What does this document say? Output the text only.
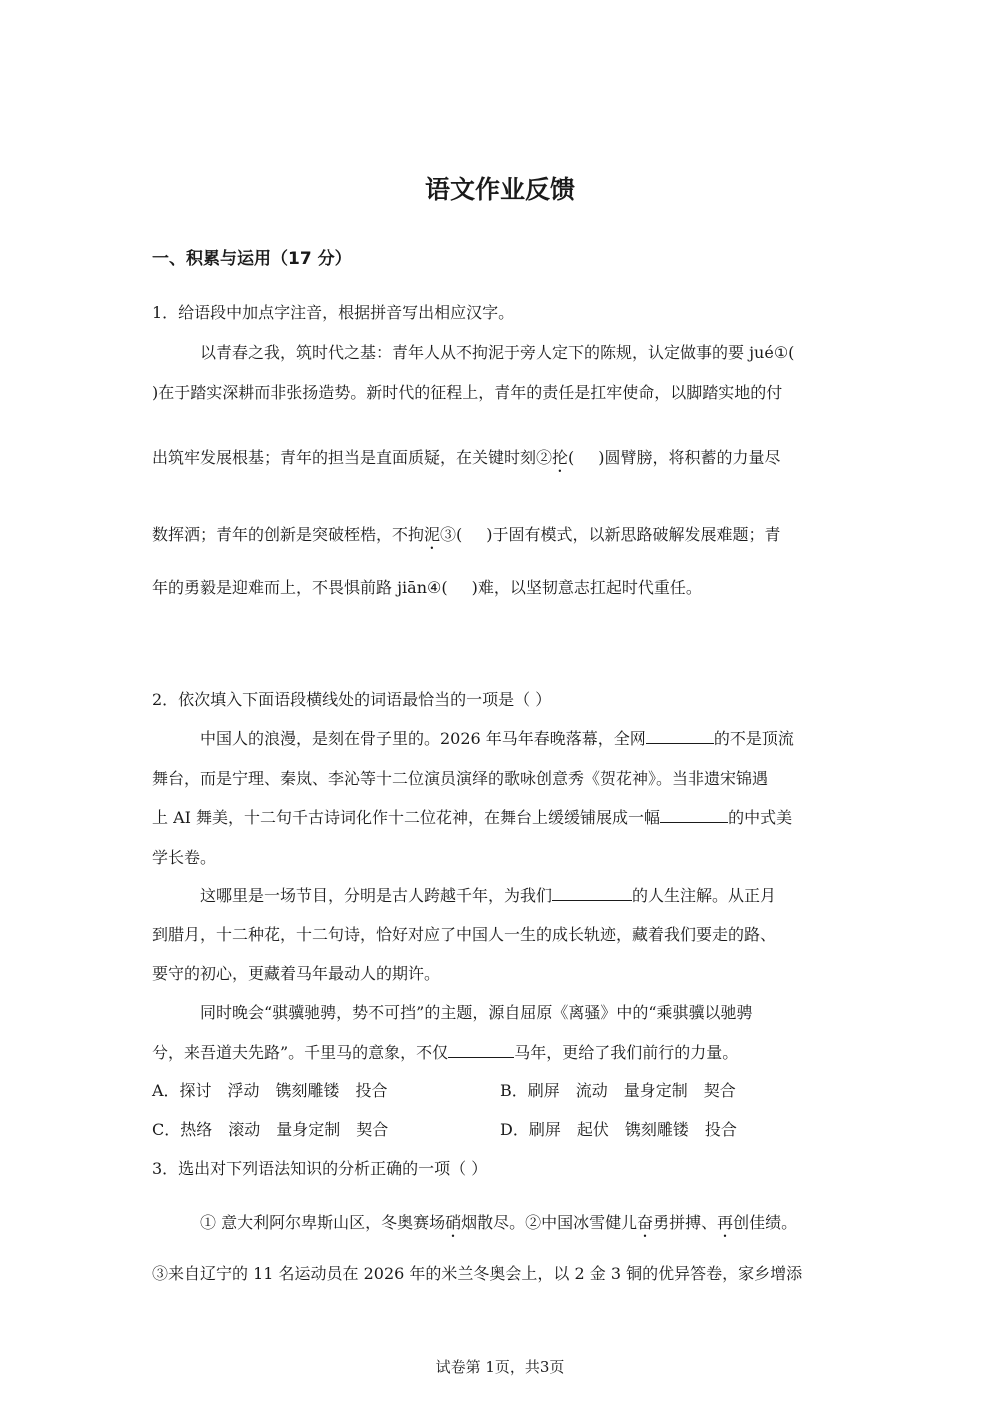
语文作业反馈
一、积累与运用（17 分）
1．给语段中加点字注音，根据拼音写出相应汉字。
以青春之我，筑时代之基：青年人从不拘泥于旁人定下的陈规，认定做事的要 jué①(
)在于踏实深耕而非张扬造势。新时代的征程上，青年的责任是扛牢使命，以脚踏实地的付
出筑牢发展根基；青年的担当是直面质疑，在关键时刻②抡( )圆臂膀，将积蓄的力量尽
数挥洒；青年的创新是突破桎梏，不拘泥③( )于固有模式，以新思路破解发展难题；青
年的勇毅是迎难而上，不畏惧前路 jiān④( )难，以坚韧意志扛起时代重任。
2．依次填入下面语段横线处的词语最恰当的一项是（ ）
中国人的浪漫，是刻在骨子里的。2026 年马年春晚落幕，全网	的不是顶流
舞台，而是宁理、秦岚、李沁等十二位演员演绎的歌咏创意秀《贺花神》。当非遗宋锦遇
上 AI 舞美，十二句千古诗词化作十二位花神，在舞台上缓缓铺展成一幅	的中式美
学长卷。
这哪里是一场节目，分明是古人跨越千年，为我们	的人生注解。从正月
到腊月，十二种花，十二句诗，恰好对应了中国人一生的成长轨迹，藏着我们要走的路、
要守的初心，更藏着马年最动人的期许。
同时晚会“骐骥驰骋，势不可挡”的主题，源自屈原《离骚》中的“乘骐骥以驰骋
兮，来吾道夫先路”。千里马的意象，不仅	马年，更给了我们前行的力量。
A．探讨　浮动　镌刻雕镂　投合	B．刷屏　流动　量身定制　契合
C．热络　滚动　量身定制　契合	D．刷屏　起伏　镌刻雕镂　投合
3．选出对下列语法知识的分析正确的一项（ ）
① 意大利阿尔卑斯山区，冬奥赛场硝烟散尽。②中国冰雪健儿奋勇拼搏、再创佳绩。
③来自辽宁的 11 名运动员在 2026 年的米兰冬奥会上，以 2 金 3 铜的优异答卷，家乡增添
试卷第 1页，共3页
